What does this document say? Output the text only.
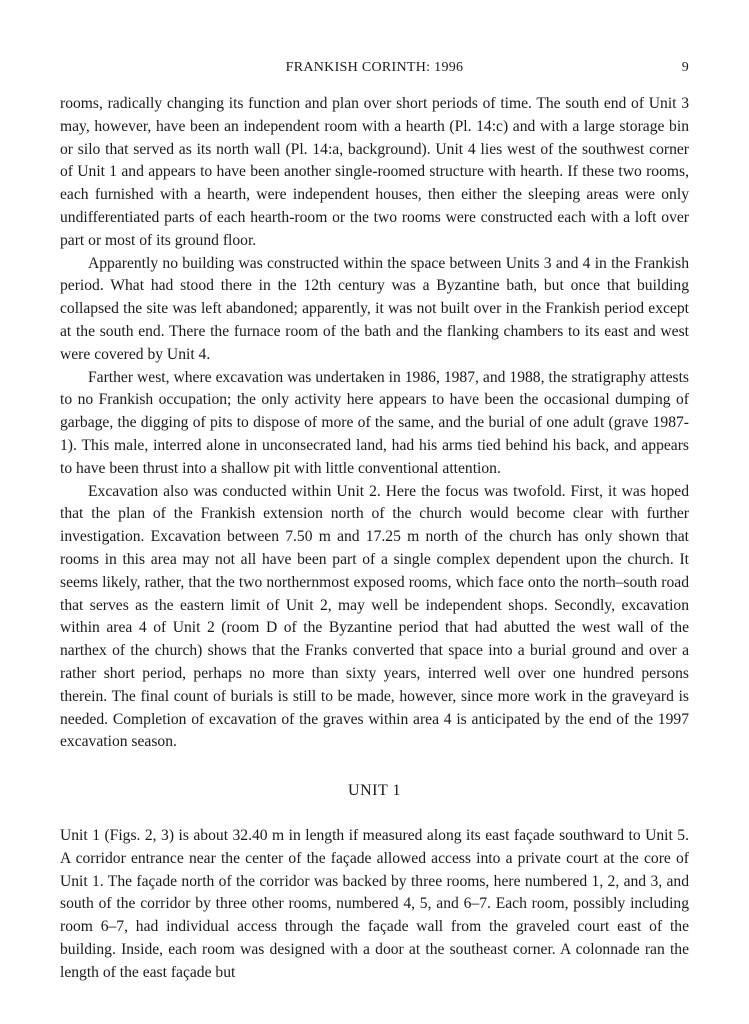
FRANKISH CORINTH: 1996	9

rooms, radically changing its function and plan over short periods of time. The south end of Unit 3 may, however, have been an independent room with a hearth (Pl. 14:c) and with a large storage bin or silo that served as its north wall (Pl. 14:a, background). Unit 4 lies west of the southwest corner of Unit 1 and appears to have been another single-roomed structure with hearth. If these two rooms, each furnished with a hearth, were independent houses, then either the sleeping areas were only undifferentiated parts of each hearth-room or the two rooms were constructed each with a loft over part or most of its ground floor.

Apparently no building was constructed within the space between Units 3 and 4 in the Frankish period. What had stood there in the 12th century was a Byzantine bath, but once that building collapsed the site was left abandoned; apparently, it was not built over in the Frankish period except at the south end. There the furnace room of the bath and the flanking chambers to its east and west were covered by Unit 4.

Farther west, where excavation was undertaken in 1986, 1987, and 1988, the stratigraphy attests to no Frankish occupation; the only activity here appears to have been the occasional dumping of garbage, the digging of pits to dispose of more of the same, and the burial of one adult (grave 1987-1). This male, interred alone in unconsecrated land, had his arms tied behind his back, and appears to have been thrust into a shallow pit with little conventional attention.

Excavation also was conducted within Unit 2. Here the focus was twofold. First, it was hoped that the plan of the Frankish extension north of the church would become clear with further investigation. Excavation between 7.50 m and 17.25 m north of the church has only shown that rooms in this area may not all have been part of a single complex dependent upon the church. It seems likely, rather, that the two northernmost exposed rooms, which face onto the north–south road that serves as the eastern limit of Unit 2, may well be independent shops. Secondly, excavation within area 4 of Unit 2 (room D of the Byzantine period that had abutted the west wall of the narthex of the church) shows that the Franks converted that space into a burial ground and over a rather short period, perhaps no more than sixty years, interred well over one hundred persons therein. The final count of burials is still to be made, however, since more work in the graveyard is needed. Completion of excavation of the graves within area 4 is anticipated by the end of the 1997 excavation season.

UNIT 1

Unit 1 (Figs. 2, 3) is about 32.40 m in length if measured along its east façade southward to Unit 5. A corridor entrance near the center of the façade allowed access into a private court at the core of Unit 1. The façade north of the corridor was backed by three rooms, here numbered 1, 2, and 3, and south of the corridor by three other rooms, numbered 4, 5, and 6–7. Each room, possibly including room 6–7, had individual access through the façade wall from the graveled court east of the building. Inside, each room was designed with a door at the southeast corner. A colonnade ran the length of the east façade but
